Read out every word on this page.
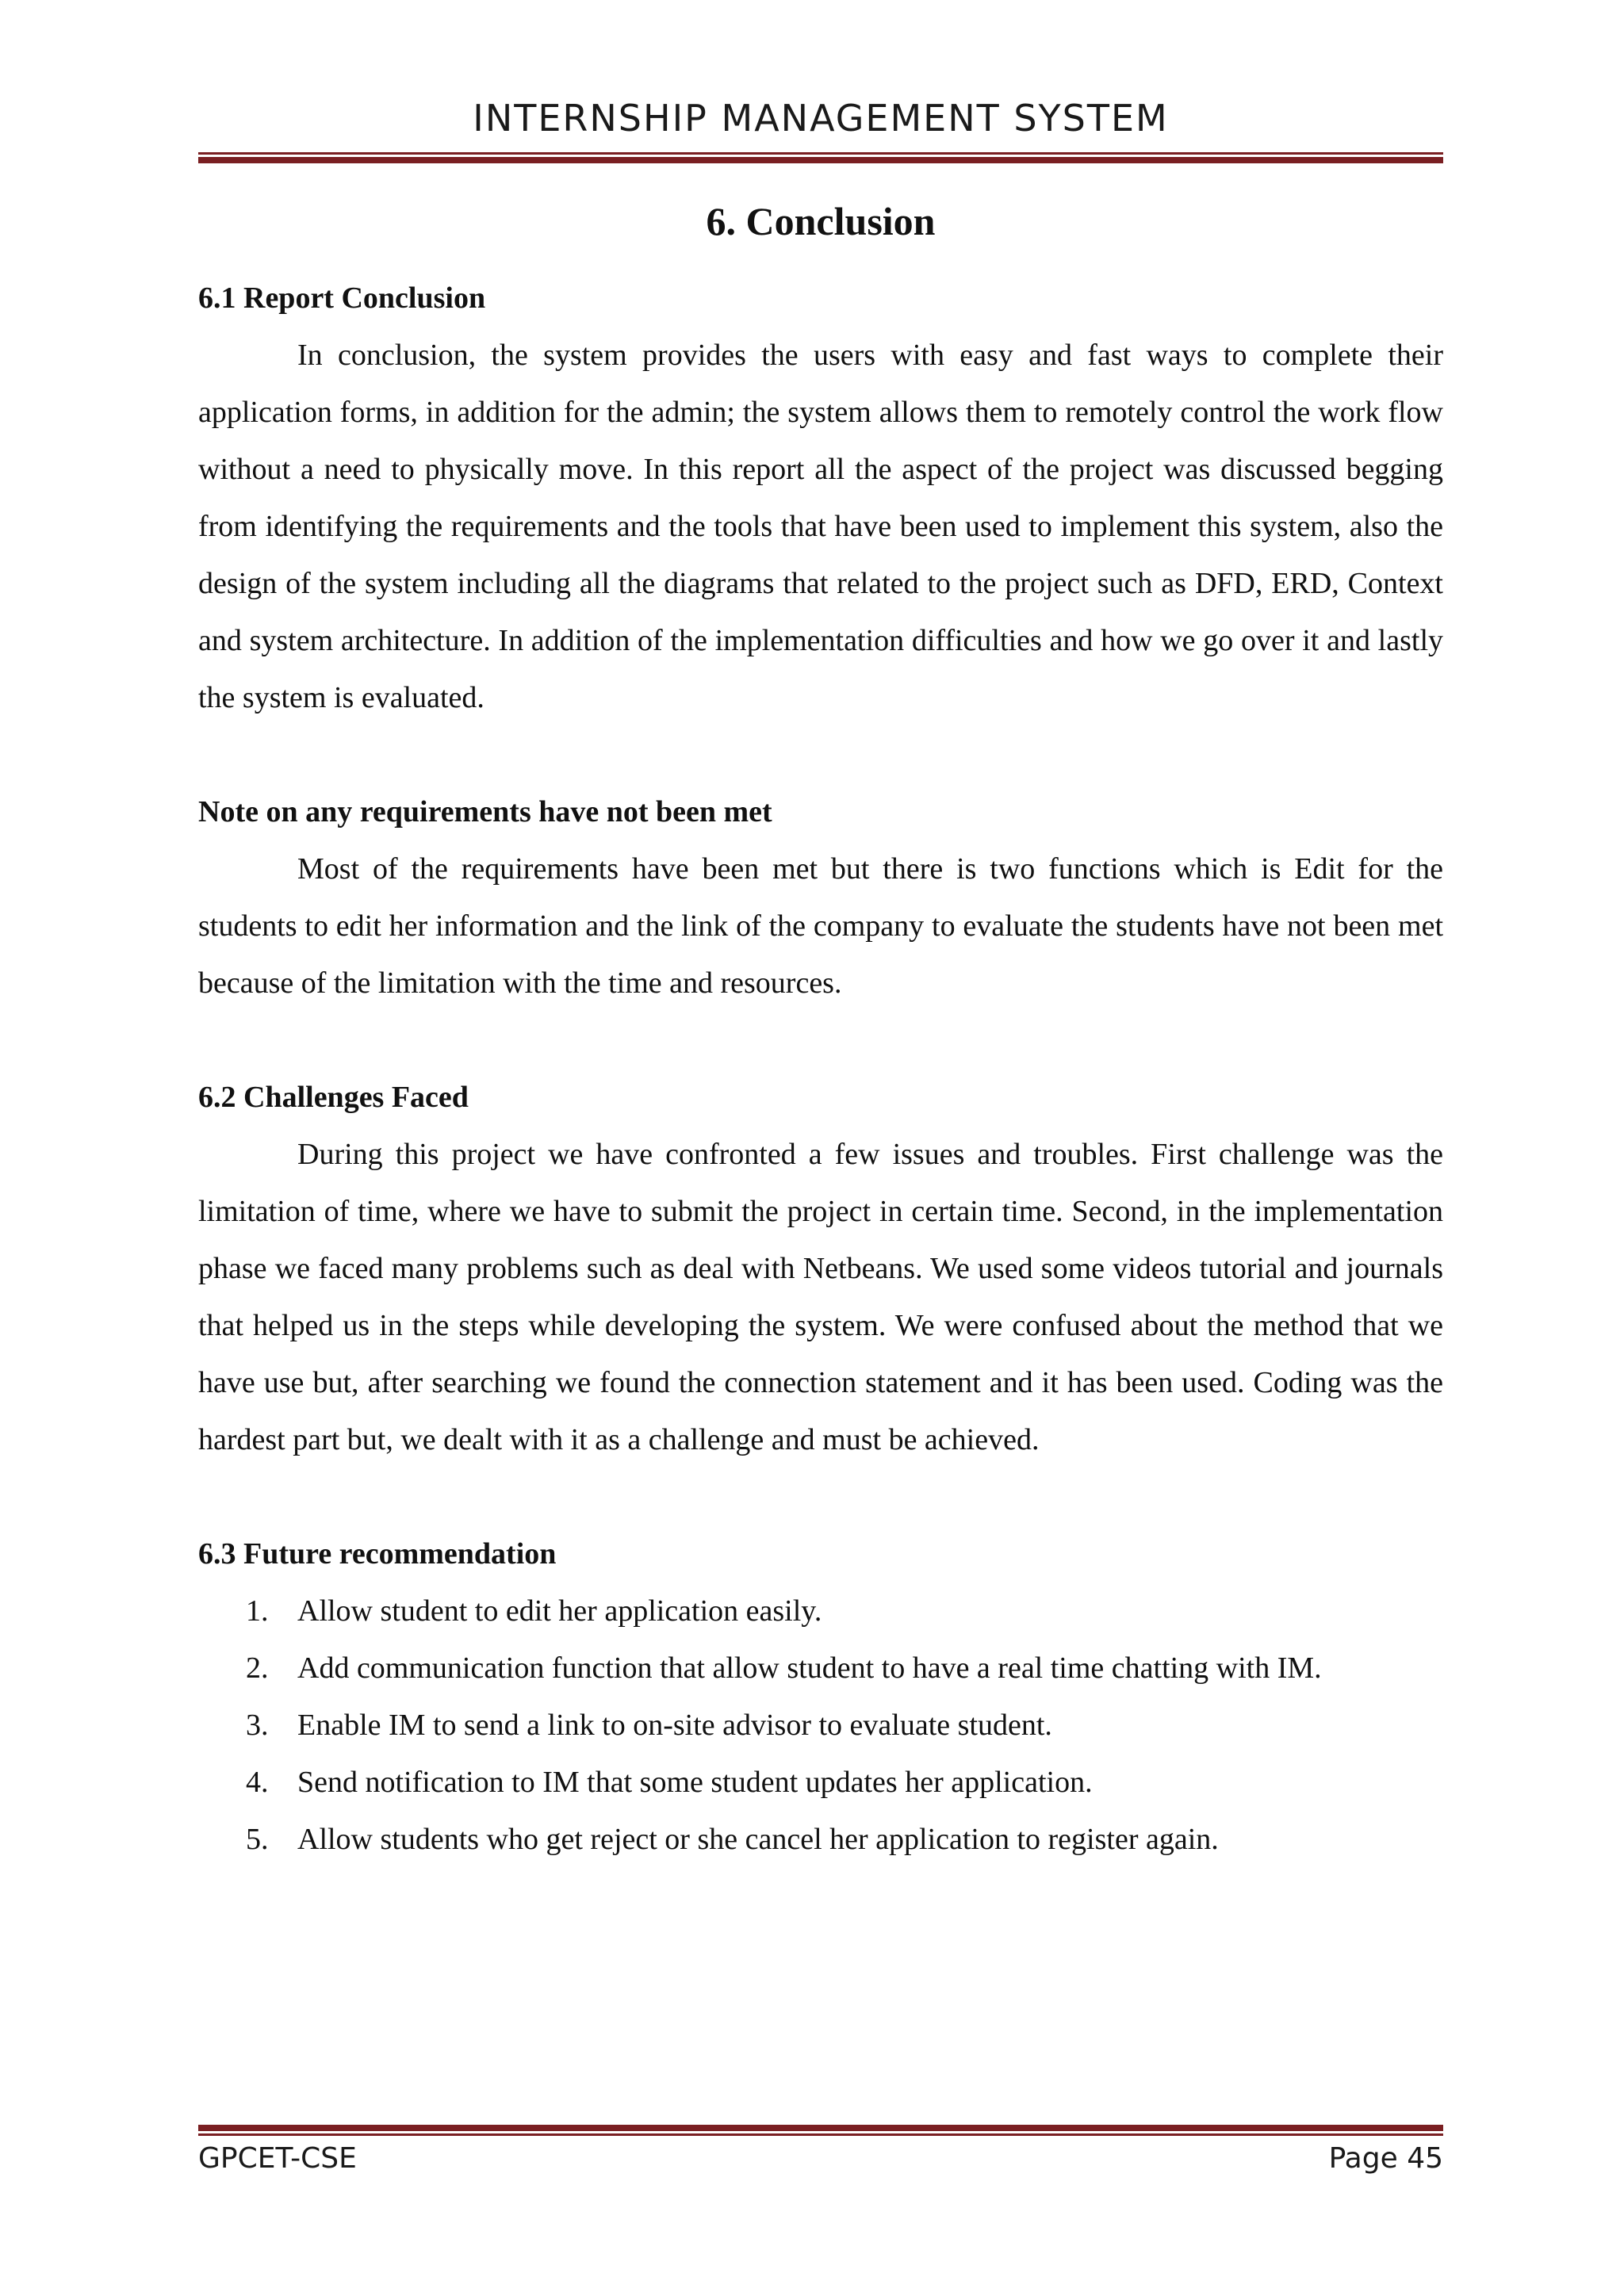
INTERNSHIP MANAGEMENT SYSTEM
6. Conclusion

6.1 Report Conclusion

In conclusion, the system provides the users with easy and fast ways to complete their application forms, in addition for the admin; the system allows them to remotely control the work flow without a need to physically move. In this report all the aspect of the project was discussed begging from identifying the requirements and the tools that have been used to implement this system, also the design of the system including all the diagrams that related to the project such as DFD, ERD, Context and system architecture. In addition of the implementation difficulties and how we go over it and lastly the system is evaluated.

Note on any requirements have not been met

Most of the requirements have been met but there is two functions which is Edit for the students to edit her information and the link of the company to evaluate the students have not been met because of the limitation with the time and resources.

6.2 Challenges Faced

During this project we have confronted a few issues and troubles. First challenge was the limitation of time, where we have to submit the project in certain time. Second, in the implementation phase we faced many problems such as deal with Netbeans. We used some videos tutorial and journals that helped us in the steps while developing the system. We were confused about the method that we have use but, after searching we found the connection statement and it has been used. Coding was the hardest part but, we dealt with it as a challenge and must be achieved.

6.3 Future recommendation

1. Allow student to edit her application easily.
2. Add communication function that allow student to have a real time chatting with IM.
3. Enable IM to send a link to on-site advisor to evaluate student.
4. Send notification to IM that some student updates her application.
5. Allow students who get reject or she cancel her application to register again.
GPCET-CSE	Page 45
